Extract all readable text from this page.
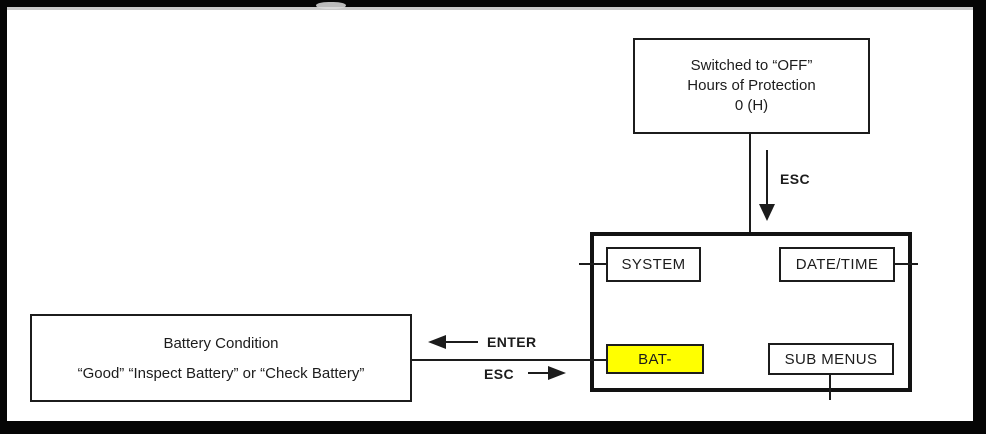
Switched to “OFF”
Hours of Protection
0 (H)
ESC
SYSTEM	DATE/TIME
BAT-	SUB MENUS
Battery Condition
“Good” “Inspect Battery” or “Check Battery”
ENTER
ESC
